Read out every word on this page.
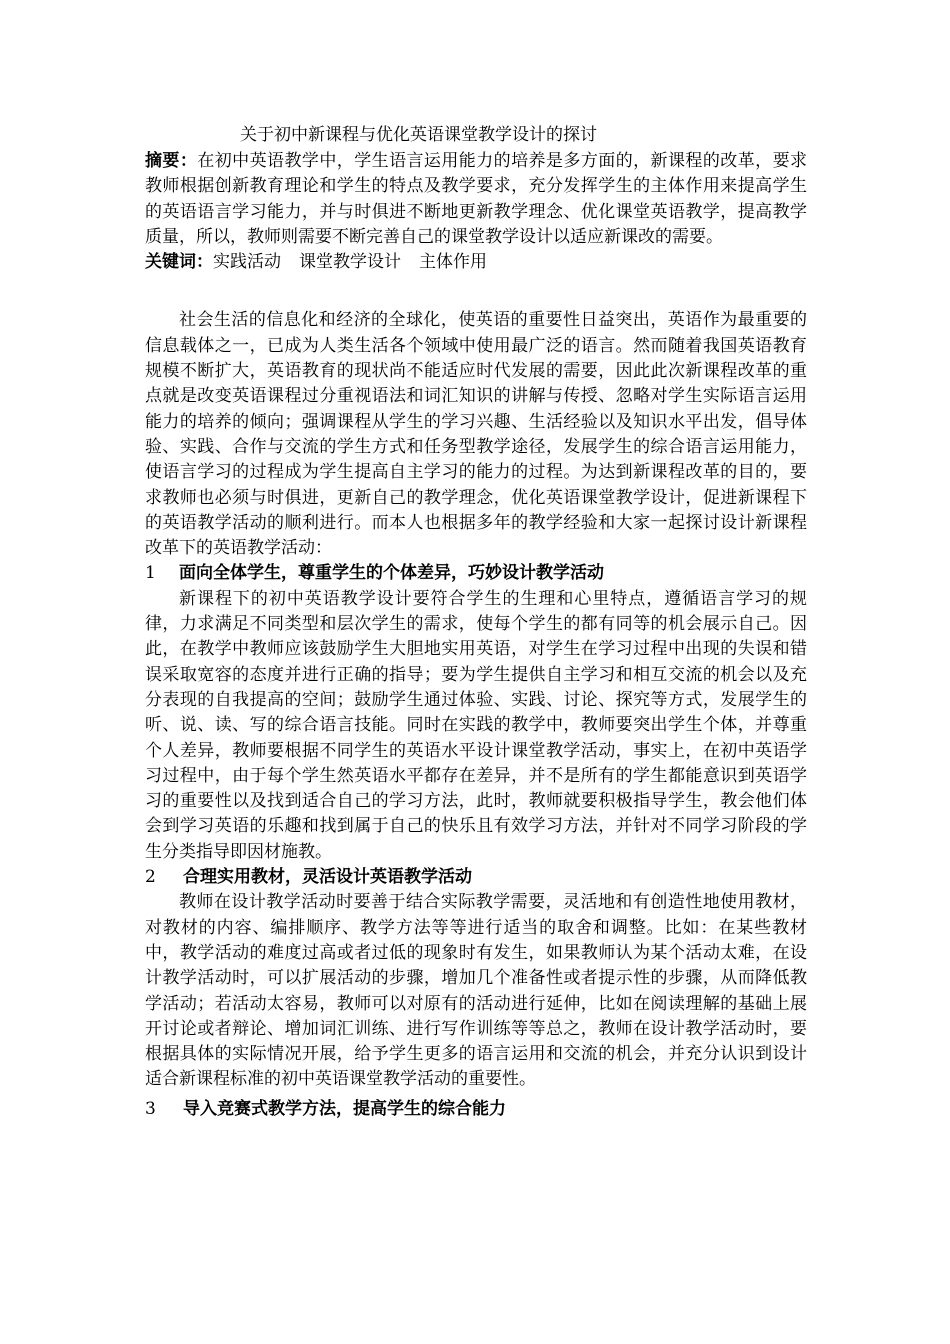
关于初中新课程与优化英语课堂教学设计的探讨

摘要：在初中英语教学中，学生语言运用能力的培养是多方面的，新课程的改革，要求教师根据创新教育理论和学生的特点及教学要求，充分发挥学生的主体作用来提高学生的英语语言学习能力，并与时俱进不断地更新教学理念、优化课堂英语教学，提高教学质量，所以，教师则需要不断完善自己的课堂教学设计以适应新课改的需要。

关键词：实践活动 课堂教学设计 主体作用

社会生活的信息化和经济的全球化，使英语的重要性日益突出，英语作为最重要的信息载体之一，已成为人类生活各个领域中使用最广泛的语言。然而随着我国英语教育规模不断扩大，英语教育的现状尚不能适应时代发展的需要，因此此次新课程改革的重点就是改变英语课程过分重视语法和词汇知识的讲解与传授、忽略对学生实际语言运用能力的培养的倾向；强调课程从学生的学习兴趣、生活经验以及知识水平出发，倡导体验、实践、合作与交流的学生方式和任务型教学途径，发展学生的综合语言运用能力，使语言学习的过程成为学生提高自主学习的能力的过程。为达到新课程改革的目的，要求教师也必须与时俱进，更新自己的教学理念，优化英语课堂教学设计，促进新课程下的英语教学活动的顺利进行。而本人也根据多年的教学经验和大家一起探讨设计新课程改革下的英语教学活动：

1	面向全体学生，尊重学生的个体差异，巧妙设计教学活动

新课程下的初中英语教学设计要符合学生的生理和心里特点，遵循语言学习的规律，力求满足不同类型和层次学生的需求，使每个学生的都有同等的机会展示自己。因此，在教学中教师应该鼓励学生大胆地实用英语，对学生在学习过程中出现的失误和错误采取宽容的态度并进行正确的指导；要为学生提供自主学习和相互交流的机会以及充分表现的自我提高的空间；鼓励学生通过体验、实践、讨论、探究等方式，发展学生的听、说、读、写的综合语言技能。同时在实践的教学中，教师要突出学生个体，并尊重个人差异，教师要根据不同学生的英语水平设计课堂教学活动，事实上，在初中英语学习过程中，由于每个学生然英语水平都存在差异，并不是所有的学生都能意识到英语学习的重要性以及找到适合自己的学习方法，此时，教师就要积极指导学生，教会他们体会到学习英语的乐趣和找到属于自己的快乐且有效学习方法，并针对不同学习阶段的学生分类指导即因材施教。

2	合理实用教材，灵活设计英语教学活动

教师在设计教学活动时要善于结合实际教学需要，灵活地和有创造性地使用教材，对教材的内容、编排顺序、教学方法等等进行适当的取舍和调整。比如：在某些教材中，教学活动的难度过高或者过低的现象时有发生，如果教师认为某个活动太难，在设计教学活动时，可以扩展活动的步骤，增加几个准备性或者提示性的步骤，从而降低教学活动；若活动太容易，教师可以对原有的活动进行延伸，比如在阅读理解的基础上展开讨论或者辩论、增加词汇训练、进行写作训练等等总之，教师在设计教学活动时，要根据具体的实际情况开展，给予学生更多的语言运用和交流的机会，并充分认识到设计适合新课程标准的初中英语课堂教学活动的重要性。

3	导入竞赛式教学方法，提高学生的综合能力
